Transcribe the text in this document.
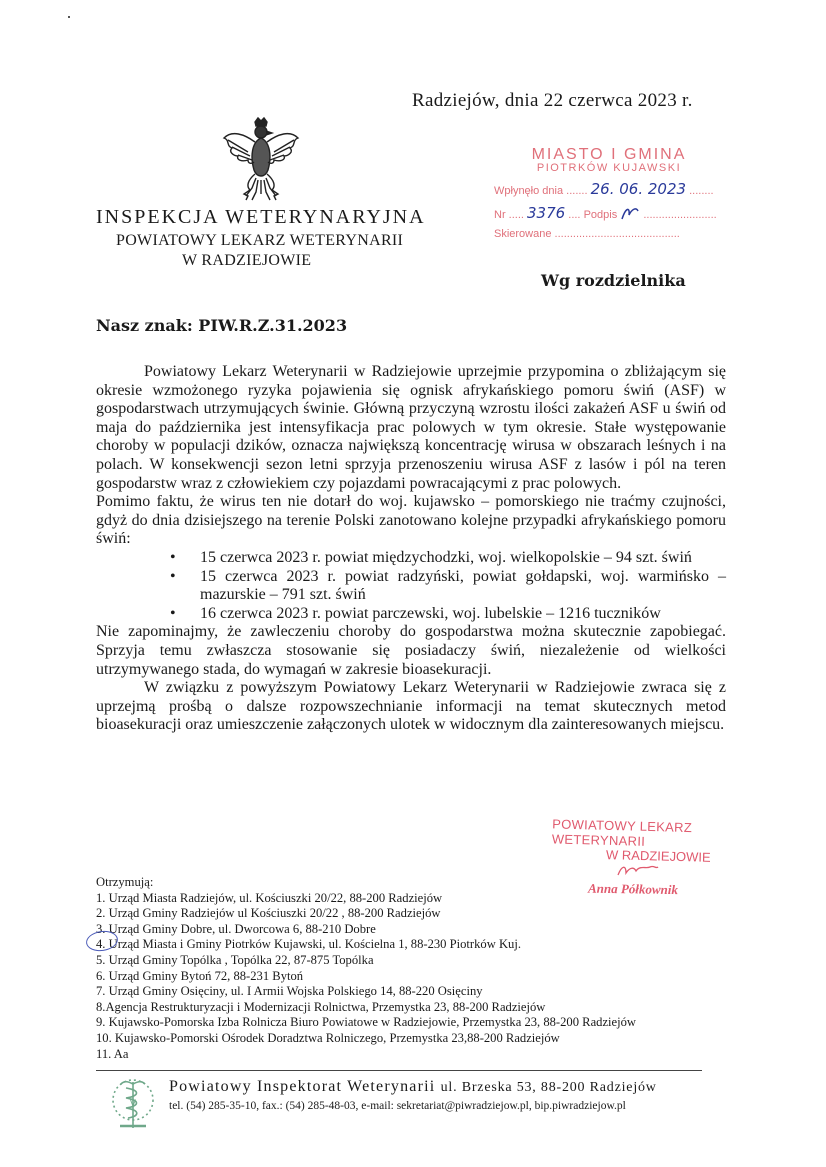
Radziejów, dnia 22 czerwca 2023 r.
INSPEKCJA WETERYNARYJNA
POWIATOWY LEKARZ WETERYNARII
W RADZIEJOWIE
MIASTO I GMINA
PIOTRKÓW KUJAWSKI
Wpłynęło dnia ....... 26. 06. 2023 ........
Nr ..... 3376 .... Podpis ........................
Skierowane .........................................
Wg rozdzielnika
Nasz znak: PIW.R.Z.31.2023

Powiatowy Lekarz Weterynarii w Radziejowie uprzejmie przypomina o zbliżającym się okresie wzmożonego ryzyka pojawienia się ognisk afrykańskiego pomoru świń (ASF) w gospodarstwach utrzymujących świnie. Główną przyczyną wzrostu ilości zakażeń ASF u świń od maja do października jest intensyfikacja prac polowych w tym okresie. Stałe występowanie choroby w populacji dzików, oznacza największą koncentrację wirusa w obszarach leśnych i na polach. W konsekwencji sezon letni sprzyja przenoszeniu wirusa ASF z lasów i pól na teren gospodarstw wraz z człowiekiem czy pojazdami powracającymi z prac polowych.

Pomimo faktu, że wirus ten nie dotarł do woj. kujawsko – pomorskiego nie traćmy czujności, gdyż do dnia dzisiejszego na terenie Polski zanotowano kolejne przypadki afrykańskiego pomoru świń:

• 15 czerwca 2023 r. powiat międzychodzki, woj. wielkopolskie – 94 szt. świń
• 15 czerwca 2023 r. powiat radzyński, powiat gołdapski, woj. warmińsko – mazurskie – 791 szt. świń
• 16 czerwca 2023 r. powiat parczewski, woj. lubelskie – 1216 tuczników

Nie zapominajmy, że zawleczeniu choroby do gospodarstwa można skutecznie zapobiegać. Sprzyja temu zwłaszcza stosowanie się posiadaczy świń, niezależenie od wielkości utrzymywanego stada, do wymagań w zakresie bioasekuracji.

W związku z powyższym Powiatowy Lekarz Weterynarii w Radziejowie zwraca się z uprzejmą prośbą o dalsze rozpowszechnianie informacji na temat skutecznych metod bioasekuracji oraz umieszczenie załączonych ulotek w widocznym dla zainteresowanych miejscu.

POWIATOWY LEKARZ WETERYNARII
W RADZIEJOWIE
Anna Półkownik
Otrzymują:
1. Urząd Miasta Radziejów, ul. Kościuszki 20/22, 88-200 Radziejów
2. Urząd Gminy Radziejów ul Kościuszki 20/22 , 88-200 Radziejów
3. Urząd Gminy Dobre, ul. Dworcowa 6, 88-210 Dobre
4. Urząd Miasta i Gminy Piotrków Kujawski, ul. Kościelna 1, 88-230 Piotrków Kuj.
5. Urząd Gminy Topólka , Topólka 22, 87-875 Topólka
6. Urząd Gminy Bytoń 72, 88-231 Bytoń
7. Urząd Gminy Osięciny, ul. I Armii Wojska Polskiego 14, 88-220 Osięciny
8.Agencja Restrukturyzacji i Modernizacji Rolnictwa, Przemystka 23, 88-200 Radziejów
9. Kujawsko-Pomorska Izba Rolnicza Biuro Powiatowe w Radziejowie, Przemystka 23, 88-200 Radziejów
10. Kujawsko-Pomorski Ośrodek Doradztwa Rolniczego, Przemystka 23,88-200 Radziejów
11. Aa
V
Powiatowy Inspektorat Weterynarii ul. Brzeska 53, 88-200 Radziejów
tel. (54) 285-35-10, fax.: (54) 285-48-03, e-mail: sekretariat@piwradziejow.pl, bip.piwradziejow.pl
